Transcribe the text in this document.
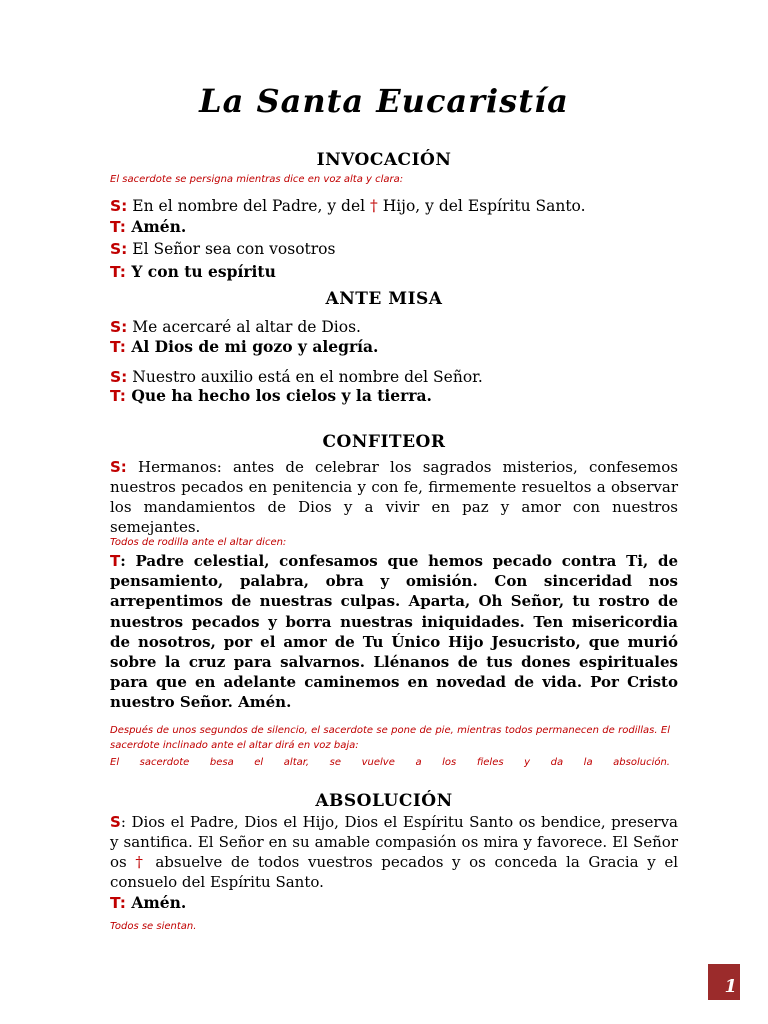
La Santa Eucaristía
INVOCACIÓN
El sacerdote se persigna mientras dice en voz alta y clara:
S: En el nombre del Padre, y del † Hijo, y del Espíritu Santo.
T: Amén.
S: El Señor sea con vosotros
T: Y con tu espíritu
ANTE MISA
S: Me acercaré al altar de Dios.
T: Al Dios de mi gozo y alegría.
S: Nuestro auxilio está en el nombre del Señor.
T: Que ha hecho los cielos y la tierra.
CONFITEOR
S: Hermanos: antes de celebrar los sagrados misterios, confesemos nuestros pecados en penitencia y con fe, firmemente resueltos a observar los mandamientos de Dios y a vivir en paz y amor con nuestros semejantes.
Todos de rodilla ante el altar dicen:
T: Padre celestial, confesamos que hemos pecado contra Ti, de pensamiento, palabra, obra y omisión. Con sinceridad nos arrepentimos de nuestras culpas. Aparta, Oh Señor, tu rostro de nuestros pecados y borra nuestras iniquidades. Ten misericordia de nosotros, por el amor de Tu Único Hijo Jesucristo, que murió sobre la cruz para salvarnos. Llénanos de tus dones espirituales para que en adelante caminemos en novedad de vida. Por Cristo nuestro Señor. Amén.
Después de unos segundos de silencio, el sacerdote se pone de pie, mientras todos permanecen de rodillas. El sacerdote inclinado ante el altar dirá en voz baja:
El sacerdote besa el altar, se vuelve a los fieles y da la absolución.
ABSOLUCIÓN
S: Dios el Padre, Dios el Hijo, Dios el Espíritu Santo os bendice, preserva y santifica. El Señor en su amable compasión os mira y favorece. El Señor os † absuelve de todos vuestros pecados y os conceda la Gracia y el consuelo del Espíritu Santo.
T: Amén.
Todos se sientan.
1
